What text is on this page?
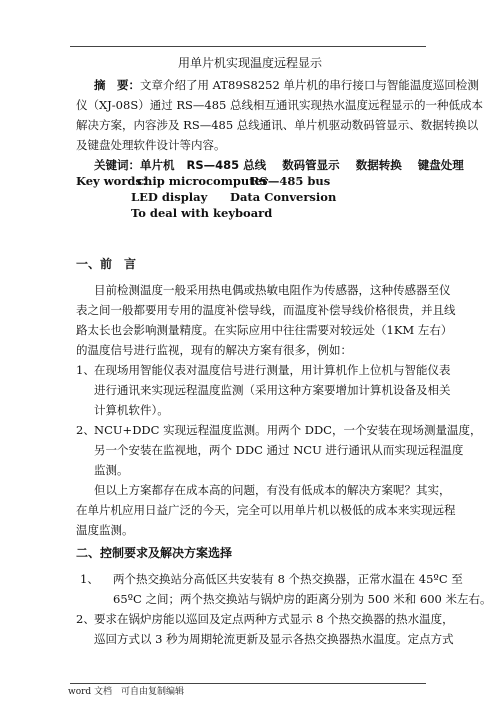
用单片机实现温度远程显示
摘　要：文章介绍了用 AT89S8252 单片机的串行接口与智能温度巡回检测
仪（XJ-08S）通过 RS—485 总线相互通讯实现热水温度远程显示的一种低成本
解决方案，内容涉及 RS—485 总线通讯、单片机驱动数码管显示、数据转换以
及键盘处理软件设计等内容。
关键词：单片机 RS—485 总线 数码管显示 数据转换 键盘处理
Key words：
chip microcomputer
RS—485 bus
LED display Data Conversion
To deal with keyboard
一、前　言
目前检测温度一般采用热电偶或热敏电阻作为传感器，这种传感器至仪
表之间一般都要用专用的温度补偿导线，而温度补偿导线价格很贵，并且线
路太长也会影响测量精度。在实际应用中往往需要对较远处（1KM 左右）
的温度信号进行监视，现有的解决方案有很多，例如：
1、 在现场用智能仪表对温度信号进行测量，用计算机作上位机与智能仪表
进行通讯来实现远程温度监测（采用这种方案要增加计算机设备及相关
计算机软件）。
2、 NCU+DDC 实现远程温度监测。用两个 DDC，一个安装在现场测量温度，
另一个安装在监视地，两个 DDC 通过 NCU 进行通讯从而实现远程温度
监测。
但以上方案都存在成本高的问题，有没有低成本的解决方案呢？其实，
在单片机应用日益广泛的今天，完全可以用单片机以极低的成本来实现远程
温度监测。
二、控制要求及解决方案选择
1、 两个热交换站分高低区共安装有 8 个热交换器，正常水温在 45ºC 至
65ºC 之间；两个热交换站与锅炉房的距离分别为 500 米和 600 米左右。
2、 要求在锅炉房能以巡回及定点两种方式显示 8 个热交换器的热水温度，
巡回方式以 3 秒为周期轮流更新及显示各热交换器热水温度。定点方式
word 文档　可自由复制编辑
